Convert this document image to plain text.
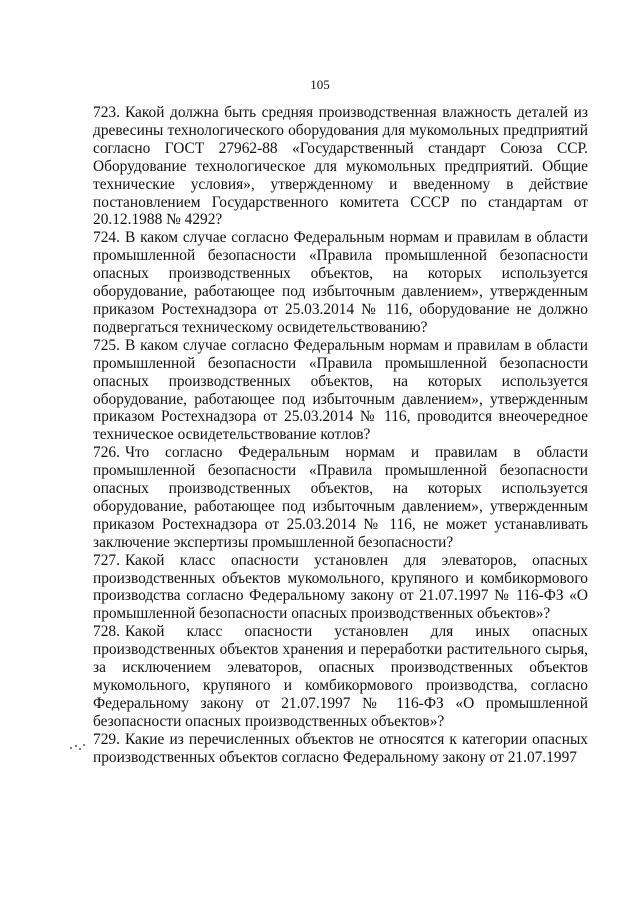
105

723. Какой должна быть средняя производственная влажность деталей из древесины технологического оборудования для мукомольных предприятий согласно ГОСТ 27962-88 «Государственный стандарт Союза ССР. Оборудование технологическое для мукомольных предприятий. Общие технические условия», утвержденному и введенному в действие постановлением Государственного комитета СССР по стандартам от 20.12.1988 № 4292?

724. В каком случае согласно Федеральным нормам и правилам в области промышленной безопасности «Правила промышленной безопасности опасных производственных объектов, на которых используется оборудование, работающее под избыточным давлением», утвержденным приказом Ростехнадзора от 25.03.2014 № 116, оборудование не должно подвергаться техническому освидетельствованию?

725. В каком случае согласно Федеральным нормам и правилам в области промышленной безопасности «Правила промышленной безопасности опасных производственных объектов, на которых используется оборудование, работающее под избыточным давлением», утвержденным приказом Ростехнадзора от 25.03.2014 № 116, проводится внеочередное техническое освидетельствование котлов?

726. Что согласно Федеральным нормам и правилам в области промышленной безопасности «Правила промышленной безопасности опасных производственных объектов, на которых используется оборудование, работающее под избыточным давлением», утвержденным приказом Ростехнадзора от 25.03.2014 № 116, не может устанавливать заключение экспертизы промышленной безопасности?

727. Какой класс опасности установлен для элеваторов, опасных производственных объектов мукомольного, крупяного и комбикормового производства согласно Федеральному закону от 21.07.1997 № 116-ФЗ «О промышленной безопасности опасных производственных объектов»?

728. Какой класс опасности установлен для иных опасных производственных объектов хранения и переработки растительного сырья, за исключением элеваторов, опасных производственных объектов мукомольного, крупяного и комбикормового производства, согласно Федеральному закону от 21.07.1997 № 116-ФЗ «О промышленной безопасности опасных производственных объектов»?

729. Какие из перечисленных объектов не относятся к категории опасных производственных объектов согласно Федеральному закону от 21.07.1997
